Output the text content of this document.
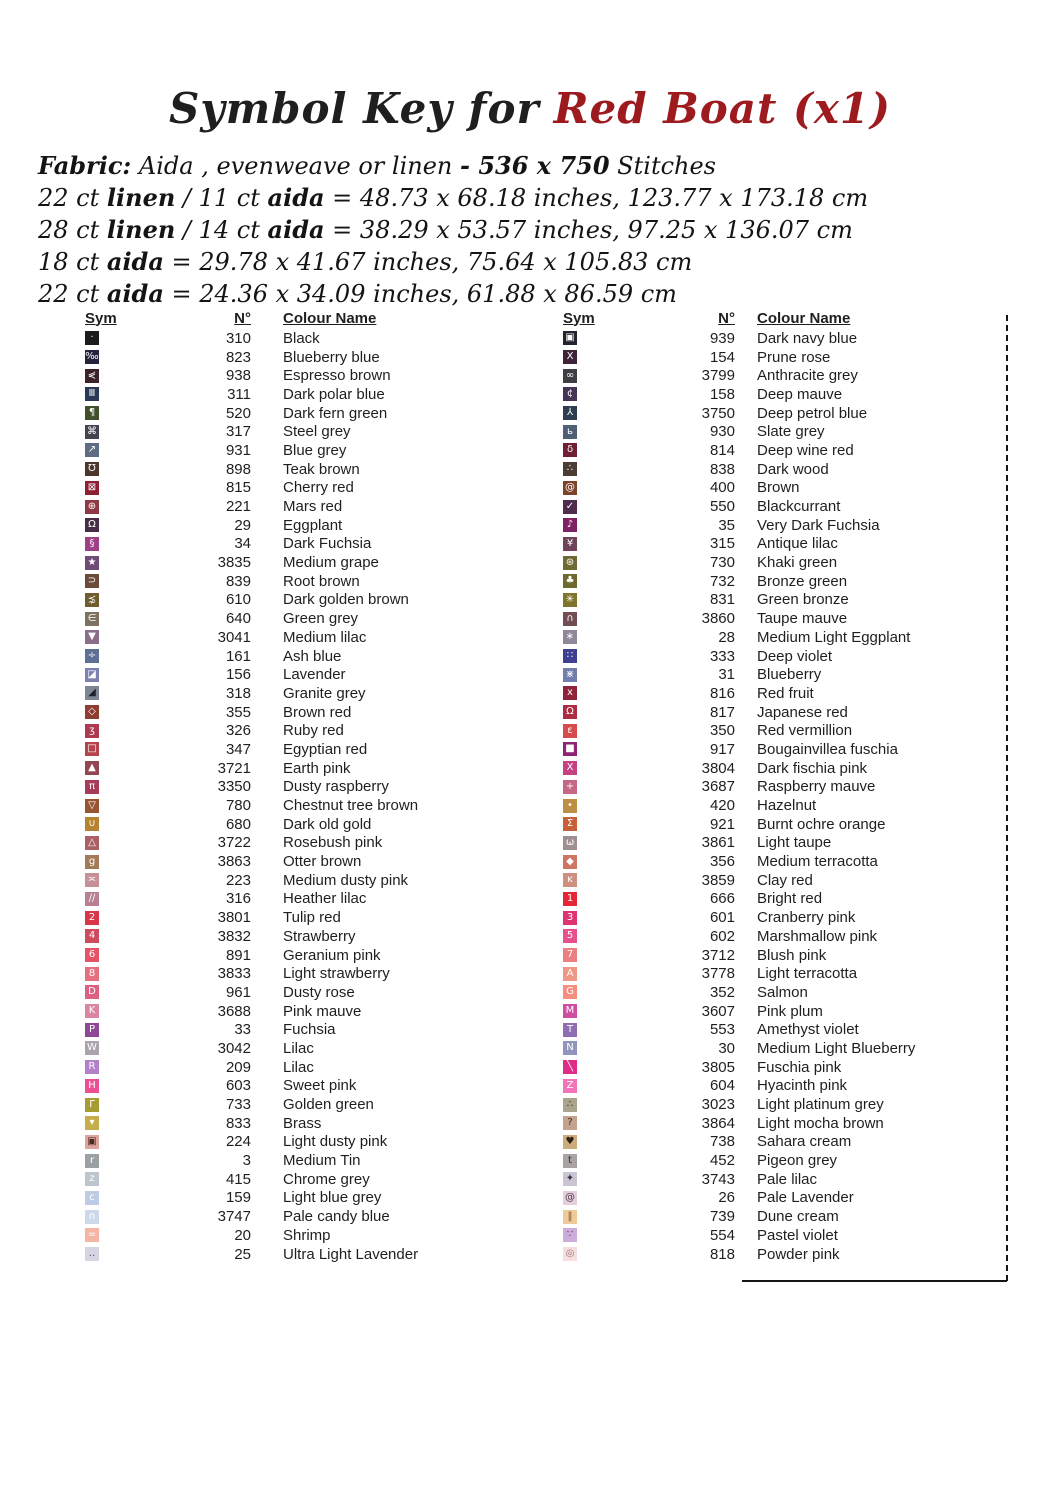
Symbol Key for Red Boat (x1)
Fabric: Aida , evenweave or linen - 536 x 750 Stitches
22 ct linen / 11 ct aida = 48.73 x 68.18 inches, 123.77 x 173.18 cm
28 ct linen / 14 ct aida = 38.29 x 53.57 inches, 97.25 x 136.07 cm
18 ct aida = 29.78 x 41.67 inches, 75.64 x 105.83 cm
22 ct aida = 24.36 x 34.09 inches, 61.88 x 86.59 cm
Sym	N° Colour Name
·	310 Black
‰	823 Blueberry blue
⋞	938 Espresso brown
Ⅲ	311 Dark polar blue
¶	520 Dark fern green
⌘	317 Steel grey
↗	931 Blue grey
Ʊ	898 Teak brown
⊠	815 Cherry red
⊕	221 Mars red
Ω	29 Eggplant
§	34 Dark Fuchsia
★	3835 Medium grape
⊃	839 Root brown
⋨	610 Dark golden brown
∈	640 Green grey
▼	3041 Medium lilac
÷	161 Ash blue
◪	156 Lavender
◢	318 Granite grey
◇	355 Brown red
ʒ	326 Ruby red
□	347 Egyptian red
▲	3721 Earth pink
π	3350 Dusty raspberry
▽	780 Chestnut tree brown
∪	680 Dark old gold
△	3722 Rosebush pink
g	3863 Otter brown
≍	223 Medium dusty pink
∕∕	316 Heather lilac
2	3801 Tulip red
4	3832 Strawberry
6	891 Geranium pink
8	3833 Light strawberry
D	961 Dusty rose
K	3688 Pink mauve
P	33 Fuchsia
W	3042 Lilac
R	209 Lilac
H	603 Sweet pink
Γ	733 Golden green
▾	833 Brass
▣	224 Light dusty pink
r	3 Medium Tin
z	415 Chrome grey
c	159 Light blue grey
n	3747 Pale candy blue
=	20 Shrimp
‥	25 Ultra Light Lavender
Sym	N° Colour Name
▣	939 Dark navy blue
X	154 Prune rose
∞	3799 Anthracite grey
¢	158 Deep mauve
⅄	3750 Deep petrol blue
ь	930 Slate grey
δ	814 Deep wine red
∴	838 Dark wood
@	400 Brown
✓	550 Blackcurrant
♪	35 Very Dark Fuchsia
¥	315 Antique lilac
⊛	730 Khaki green
♣	732 Bronze green
✳	831 Green bronze
∩	3860 Taupe mauve
∗	28 Medium Light Eggplant
∷	333 Deep violet
⋇	31 Blueberry
x	816 Red fruit
Ω	817 Japanese red
ε	350 Red vermillion
■	917 Bougainvillea fuschia
X	3804 Dark fischia pink
+	3687 Raspberry mauve
•	420 Hazelnut
Σ	921 Burnt ochre orange
ω	3861 Light taupe
◆	356 Medium terracotta
ĸ	3859 Clay red
1	666 Bright red
3	601 Cranberry pink
5	602 Marshmallow pink
7	3712 Blush pink
A	3778 Light terracotta
G	352 Salmon
M	3607 Pink plum
T	553 Amethyst violet
N	30 Medium Light Blueberry
╲	3805 Fuschia pink
Z	604 Hyacinth pink
∴	3023 Light platinum grey
?	3864 Light mocha brown
♥	738 Sahara cream
t	452 Pigeon grey
✦	3743 Pale lilac
@	26 Pale Lavender
‖	739 Dune cream
∵	554 Pastel violet
◎	818 Powder pink
